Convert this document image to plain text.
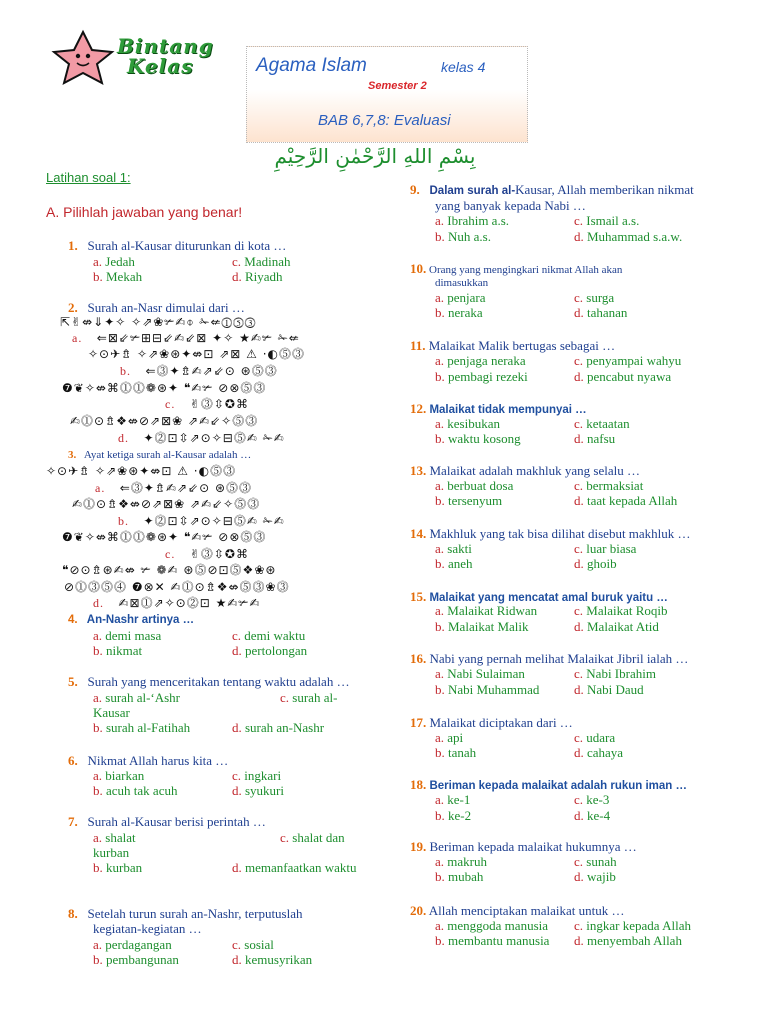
Bintang
Kelas	Agama Islam	kelas 4
Semester 2
BAB 6,7,8: Evaluasi
بِسْمِ اللهِ الرَّحْمٰنِ الرَّحِيْمِ
Latihan soal 1:
A. Pilihlah jawaban yang benar!
1. Surah al-Kausar diturunkan di kota …
a. Jedah	c. Madinah
b. Mekah	d. Riyadh
2. Surah an-Nasr dimulai dari …
⇱✌⇎⇓✦✧ ✧⇗❀✃✍⌽ ✁⇍⓵⓹⓷
a. ⇐⊠⇙✃⊞⊟⇙✍⇙⊠ ✦✧ ★✍✃ ✁⇍
✧⊙✈⇯ ✧⇗❀⊛✦⇎⊡ ⇗⊠ ⚠ ·◐⓹⓷
b. ⇐⓷✦⇯✍⇗⇙⊙ ⊛⓹⓷
❼❦✧⇎⌘⓵⓵❁⊛✦ ❝✍✃ ⊘⊗⓹⓷
c. ✌⓷⇳✪⌘
✍⓵⊙⇯❖⇎⊘⇗⊠❀ ⇗✍⇙✧⓹⓷
d. ✦⓶⊡⇳⇗⊙✧⊟⓹✍ ✁✍
3. Ayat ketiga surah al-Kausar adalah …
✧⊙✈⇯ ✧⇗❀⊛✦⇎⊡ ⚠ ·◐⓹⓷
a. ⇐⓷✦⇯✍⇗⇙⊙ ⊛⓹⓷
✍⓵⊙⇯❖⇎⊘⇗⊠❀ ⇗✍⇙✧⓹⓷
b. ✦⓶⊡⇳⇗⊙✧⊟⓹✍ ✁✍
❼❦✧⇎⌘⓵⓵❁⊛✦ ❝✍✃ ⊘⊗⓹⓷
c. ✌⓷⇳✪⌘
❝⊘⊙⇯⊛✍⇎ ✃ ❁✍ ⊛⓹⊘⊡⓹❖❀⊛
⊘⓵⓷⓹⓸ ❼⊗✕ ✍⓵⊙⇯❖⇎⓹⓷❀⓷
d. ✍⊠⓵⇗✧⊙⓶⊡ ★✍✃✍
4. An-Nashr artinya …
a. demi masa	c. demi waktu
b. nikmat	d. pertolongan
5. Surah yang menceritakan tentang waktu adalah …
a. surah al-‘Ashr	c. surah al-
Kausar
b. surah al-Fatihah	d. surah an-Nashr
6. Nikmat Allah harus kita …
a. biarkan	c. ingkari
b. acuh tak acuh	d. syukuri
7. Surah al-Kausar berisi perintah …
a. shalat	c. shalat dan
kurban
b. kurban	d. memanfaatkan waktu
8. Setelah turun surah an-Nashr, terputuslah
kegiatan-kegiatan …
a. perdagangan	c. sosial
b. pembangunan	d. kemusyrikan
9. Dalam surah al-Kausar, Allah memberikan nikmat
yang banyak kepada Nabi …
a. Ibrahim a.s.	c. Ismail a.s.
b. Nuh a.s.	d. Muhammad s.a.w.
10. Orang yang mengingkari nikmat Allah akan
dimasukkan
a. penjara	c. surga
b. neraka	d. tahanan
11. Malaikat Malik bertugas sebagai …
a. penjaga neraka	c. penyampai wahyu
b. pembagi rezeki	d. pencabut nyawa
12. Malaikat tidak mempunyai …
a. kesibukan	c. ketaatan
b. waktu kosong	d. nafsu
13. Malaikat adalah makhluk yang selalu …
a. berbuat dosa	c. bermaksiat
b. tersenyum	d. taat kepada Allah
14. Makhluk yang tak bisa dilihat disebut makhluk …
a. sakti	c. luar biasa
b. aneh	d. ghoib
15. Malaikat yang mencatat amal buruk yaitu …
a. Malaikat Ridwan	c. Malaikat Roqib
b. Malaikat Malik	d. Malaikat Atid
16. Nabi yang pernah melihat Malaikat Jibril ialah …
a. Nabi Sulaiman	c. Nabi Ibrahim
b. Nabi Muhammad	d. Nabi Daud
17. Malaikat diciptakan dari …
a. api	c. udara
b. tanah	d. cahaya
18. Beriman kepada malaikat adalah rukun iman …
a. ke-1	c. ke-3
b. ke-2	d. ke-4
19. Beriman kepada malaikat hukumnya …
a. makruh	c. sunah
b. mubah	d. wajib
20. Allah menciptakan malaikat untuk …
a. menggoda manusia c. ingkar kepada Allah
b. membantu manusia d. menyembah Allah
